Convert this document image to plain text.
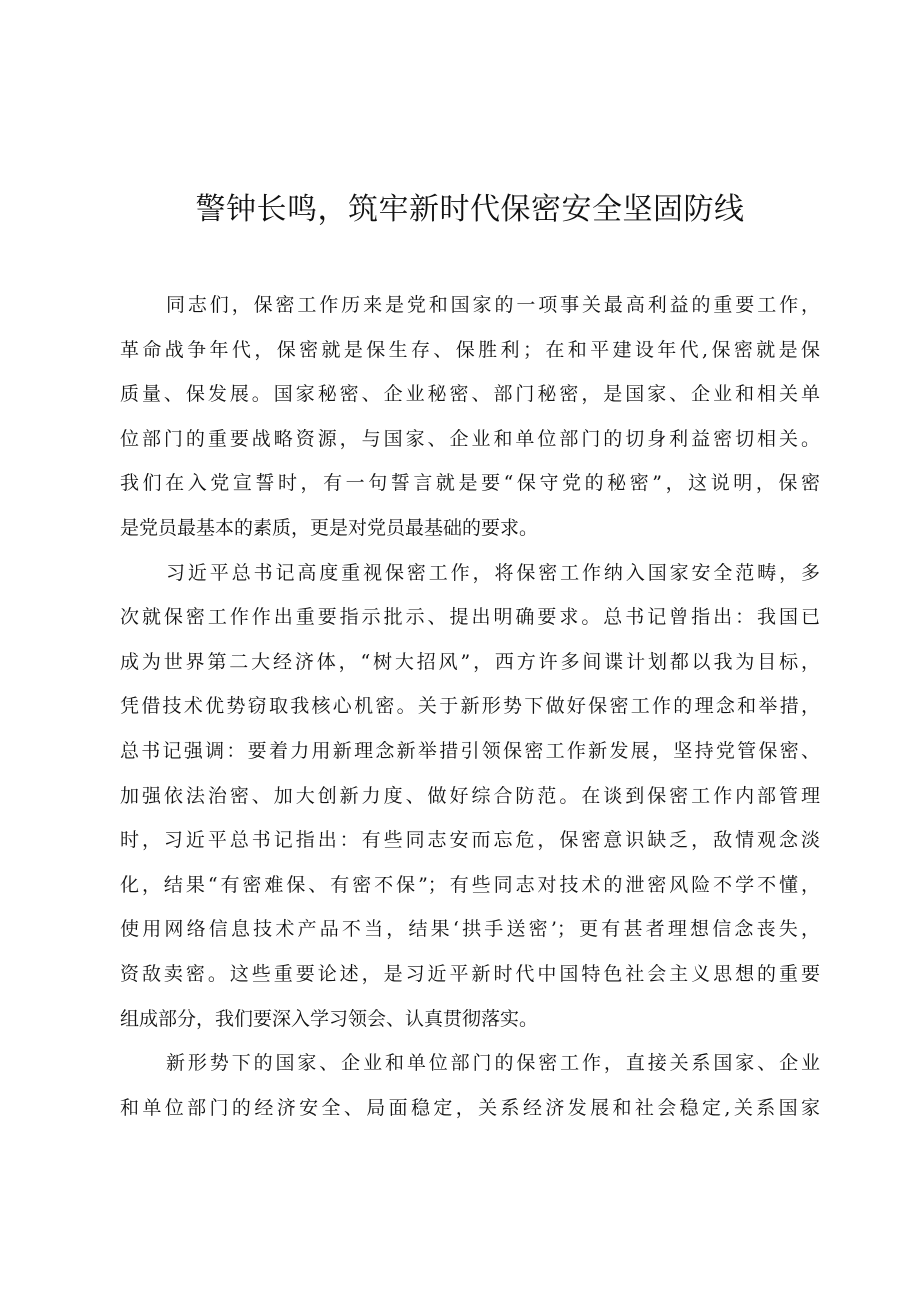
警钟长鸣，筑牢新时代保密安全坚固防线
同志们，保密工作历来是党和国家的一项事关最高利益的重要工作，
革命战争年代，保密就是保生存、保胜利；在和平建设年代,保密就是保
质量、保发展。国家秘密、企业秘密、部门秘密，是国家、企业和相关单
位部门的重要战略资源，与国家、企业和单位部门的切身利益密切相关。
我们在入党宣誓时，有一句誓言就是要“保守党的秘密”，这说明，保密
是党员最基本的素质，更是对党员最基础的要求。
习近平总书记高度重视保密工作，将保密工作纳入国家安全范畴，多
次就保密工作作出重要指示批示、提出明确要求。总书记曾指出：我国已
成为世界第二大经济体，“树大招风”，西方许多间谍计划都以我为目标，
凭借技术优势窃取我核心机密。关于新形势下做好保密工作的理念和举措，
总书记强调：要着力用新理念新举措引领保密工作新发展，坚持党管保密、
加强依法治密、加大创新力度、做好综合防范。在谈到保密工作内部管理
时，习近平总书记指出：有些同志安而忘危，保密意识缺乏，敌情观念淡
化，结果“有密难保、有密不保”；有些同志对技术的泄密风险不学不懂，
使用网络信息技术产品不当，结果‘拱手送密’；更有甚者理想信念丧失，
资敌卖密。这些重要论述，是习近平新时代中国特色社会主义思想的重要
组成部分，我们要深入学习领会、认真贯彻落实。
新形势下的国家、企业和单位部门的保密工作，直接关系国家、企业
和单位部门的经济安全、局面稳定，关系经济发展和社会稳定,关系国家
